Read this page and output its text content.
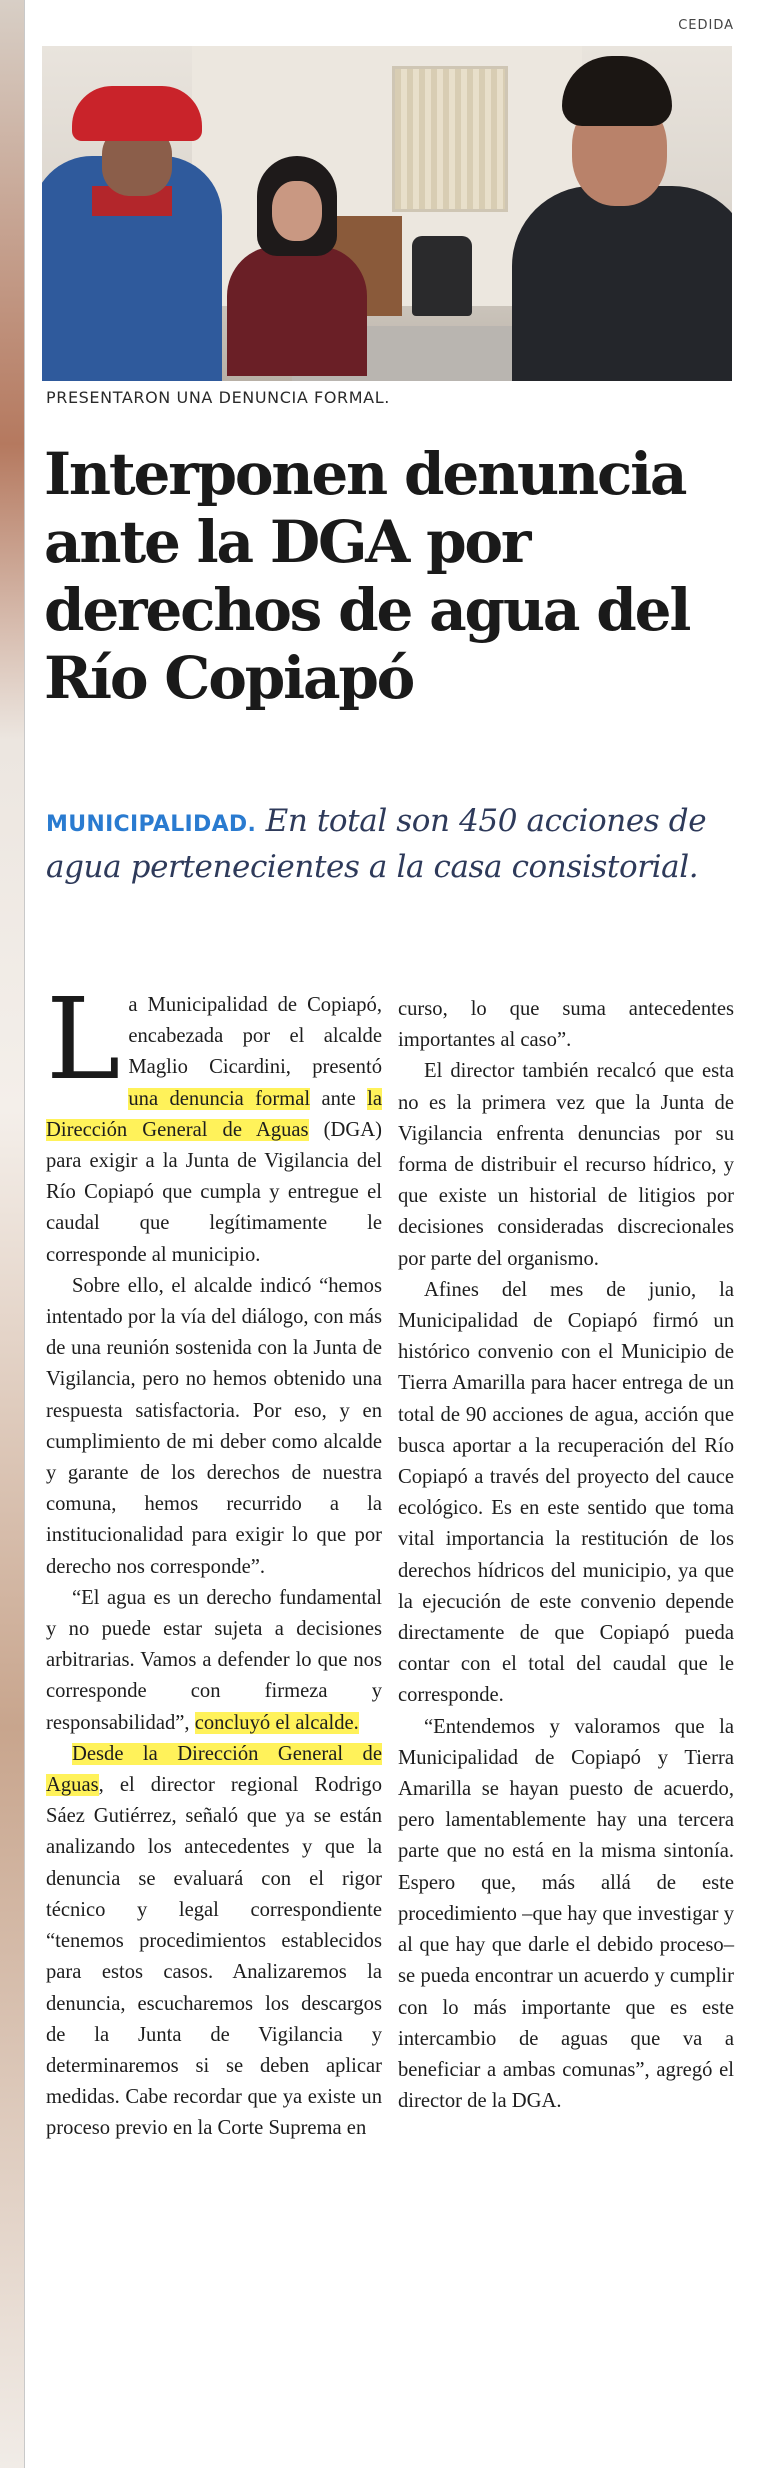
CEDIDA
PRESENTARON UNA DENUNCIA FORMAL.
Interponen denuncia ante la DGA por derechos de agua del Río Copiapó
MUNICIPALIDAD. En total son 450 acciones de agua pertenecientes a la casa consistorial.

La Municipalidad de Copiapó, encabezada por el alcalde Maglio Cicardini, presentó una denuncia formal ante la Dirección General de Aguas (DGA) para exigir a la Junta de Vigilancia del Río Copiapó que cumpla y entregue el caudal que legítimamente le corresponde al municipio.

Sobre ello, el alcalde indicó “hemos intentado por la vía del diálogo, con más de una reunión sostenida con la Junta de Vigilancia, pero no hemos obtenido una respuesta satisfactoria. Por eso, y en cumplimiento de mi deber como alcalde y garante de los derechos de nuestra comuna, hemos recurrido a la institucionalidad para exigir lo que por derecho nos corresponde”.

“El agua es un derecho fundamental y no puede estar sujeta a decisiones arbitrarias. Vamos a defender lo que nos corresponde con firmeza y responsabilidad”, concluyó el alcalde.

Desde la Dirección General de Aguas, el director regional Rodrigo Sáez Gutiérrez, señaló que ya se están analizando los antecedentes y que la denuncia se evaluará con el rigor técnico y legal correspondiente “tenemos procedimientos establecidos para estos casos. Analizaremos la denuncia, escucharemos los descargos de la Junta de Vigilancia y determinaremos si se deben aplicar medidas. Cabe recordar que ya existe un proceso previo en la Corte Suprema en

curso, lo que suma antecedentes importantes al caso”.

El director también recalcó que esta no es la primera vez que la Junta de Vigilancia enfrenta denuncias por su forma de distribuir el recurso hídrico, y que existe un historial de litigios por decisiones consideradas discrecionales por parte del organismo.

Afines del mes de junio, la Municipalidad de Copiapó firmó un histórico convenio con el Municipio de Tierra Amarilla para hacer entrega de un total de 90 acciones de agua, acción que busca aportar a la recuperación del Río Copiapó a través del proyecto del cauce ecológico. Es en este sentido que toma vital importancia la restitución de los derechos hídricos del municipio, ya que la ejecución de este convenio depende directamente de que Copiapó pueda contar con el total del caudal que le corresponde.

“Entendemos y valoramos que la Municipalidad de Copiapó y Tierra Amarilla se hayan puesto de acuerdo, pero lamentablemente hay una tercera parte que no está en la misma sintonía. Espero que, más allá de este procedimiento –que hay que investigar y al que hay que darle el debido proceso– se pueda encontrar un acuerdo y cumplir con lo más importante que es este intercambio de aguas que va a beneficiar a ambas comunas”, agregó el director de la DGA.
